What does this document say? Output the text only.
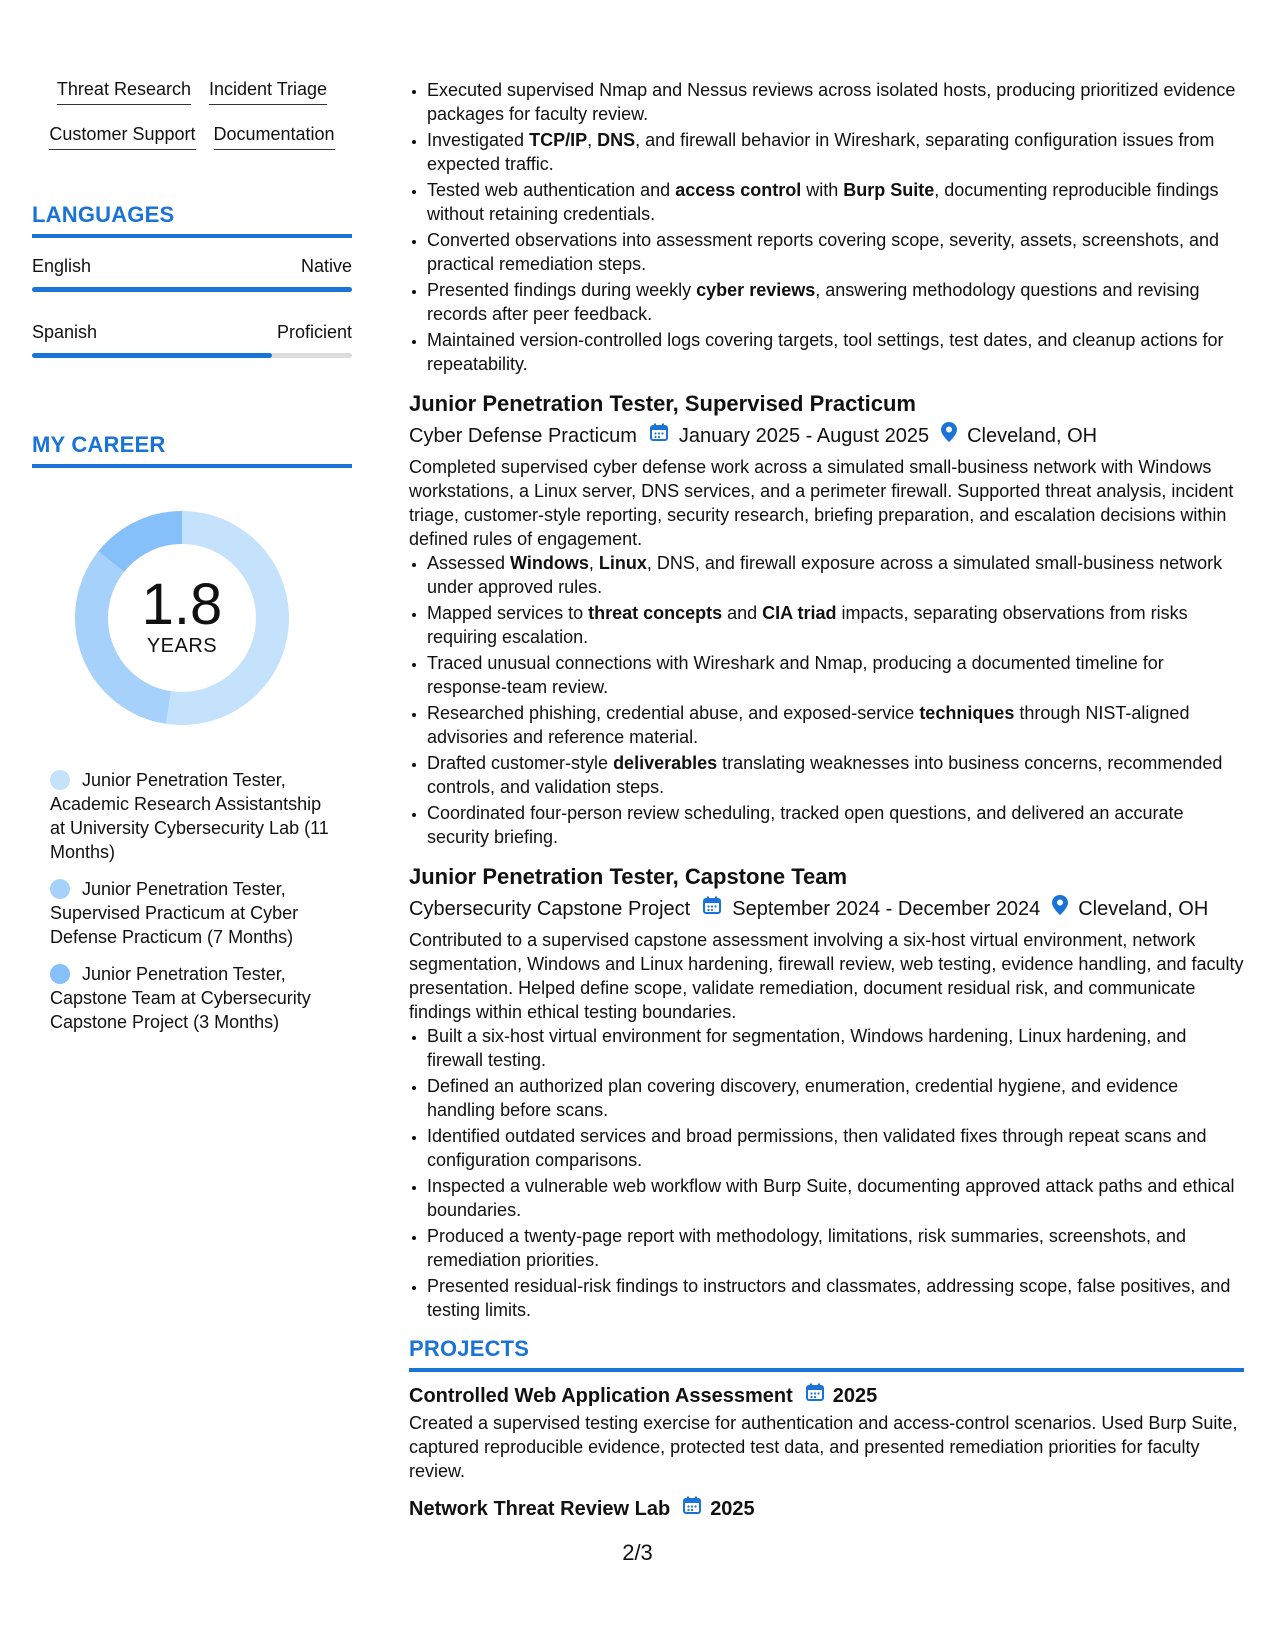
Threat Research Incident Triage
Customer Support Documentation
LANGUAGES
English	Native
Spanish	Proficient
MY CAREER
1.8
YEARS
Junior Penetration Tester, Academic Research Assistantship at University Cybersecurity Lab (11 Months)
Junior Penetration Tester, Supervised Practicum at Cyber Defense Practicum (7 Months)
Junior Penetration Tester, Capstone Team at Cybersecurity Capstone Project (3 Months)
• Executed supervised Nmap and Nessus reviews across isolated hosts, producing prioritized evidence packages for faculty review.
• Investigated TCP/IP, DNS, and firewall behavior in Wireshark, separating configuration issues from expected traffic.
• Tested web authentication and access control with Burp Suite, documenting reproducible findings without retaining credentials.
• Converted observations into assessment reports covering scope, severity, assets, screenshots, and practical remediation steps.
• Presented findings during weekly cyber reviews, answering methodology questions and revising records after peer feedback.
• Maintained version-controlled logs covering targets, tool settings, test dates, and cleanup actions for repeatability.
Junior Penetration Tester, Supervised Practicum
Cyber Defense Practicum January 2025 - August 2025 Cleveland, OH
Completed supervised cyber defense work across a simulated small-business network with Windows workstations, a Linux server, DNS services, and a perimeter firewall. Supported threat analysis, incident triage, customer-style reporting, security research, briefing preparation, and escalation decisions within defined rules of engagement.
• Assessed Windows, Linux, DNS, and firewall exposure across a simulated small-business network under approved rules.
• Mapped services to threat concepts and CIA triad impacts, separating observations from risks requiring escalation.
• Traced unusual connections with Wireshark and Nmap, producing a documented timeline for response-team review.
• Researched phishing, credential abuse, and exposed-service techniques through NIST-aligned advisories and reference material.
• Drafted customer-style deliverables translating weaknesses into business concerns, recommended controls, and validation steps.
• Coordinated four-person review scheduling, tracked open questions, and delivered an accurate security briefing.
Junior Penetration Tester, Capstone Team
Cybersecurity Capstone Project September 2024 - December 2024 Cleveland, OH
Contributed to a supervised capstone assessment involving a six-host virtual environment, network segmentation, Windows and Linux hardening, firewall review, web testing, evidence handling, and faculty presentation. Helped define scope, validate remediation, document residual risk, and communicate findings within ethical testing boundaries.
• Built a six-host virtual environment for segmentation, Windows hardening, Linux hardening, and firewall testing.
• Defined an authorized plan covering discovery, enumeration, credential hygiene, and evidence handling before scans.
• Identified outdated services and broad permissions, then validated fixes through repeat scans and configuration comparisons.
• Inspected a vulnerable web workflow with Burp Suite, documenting approved attack paths and ethical boundaries.
• Produced a twenty-page report with methodology, limitations, risk summaries, screenshots, and remediation priorities.
• Presented residual-risk findings to instructors and classmates, addressing scope, false positives, and testing limits.
PROJECTS
Controlled Web Application Assessment 2025
Created a supervised testing exercise for authentication and access-control scenarios. Used Burp Suite, captured reproducible evidence, protected test data, and presented remediation priorities for faculty review.
Network Threat Review Lab 2025
2/3
